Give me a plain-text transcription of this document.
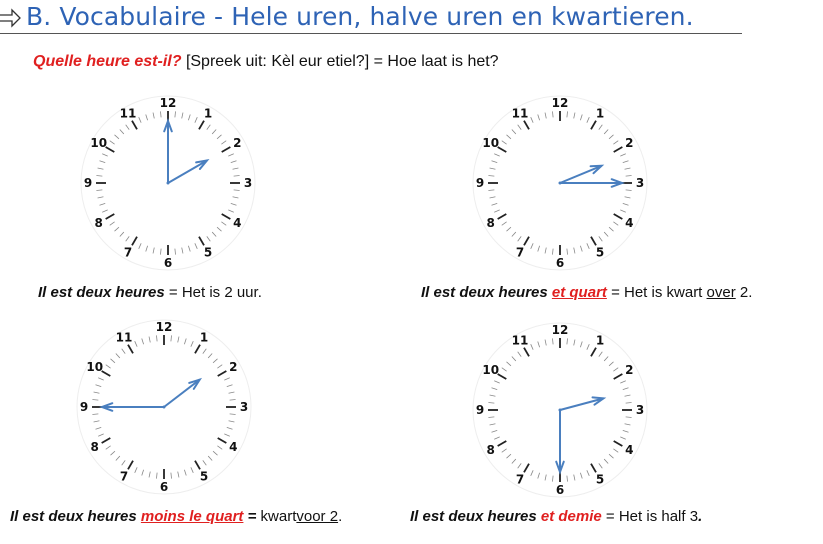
B. Vocabulaire - Hele uren, halve uren en kwartieren.
Quelle heure est-il? [Spreek uit: Kèl eur etiel?] = Hoe laat is het?
12
1
2
3
4
5
6
7
8
9
10
11
12
1
2
3
4
5
6
7
8
9
10
11
12
1
2
3
4
5
6
7
8
9
10
11
12
1
2
3
4
5
6
7
8
9
10
11
Il est deux heures = Het is 2 uur.	Il est deux heures et quart = Het is kwart over 2.
Il est deux heures moins le quart = kwartvoor 2.	Il est deux heures et demie = Het is half 3.
